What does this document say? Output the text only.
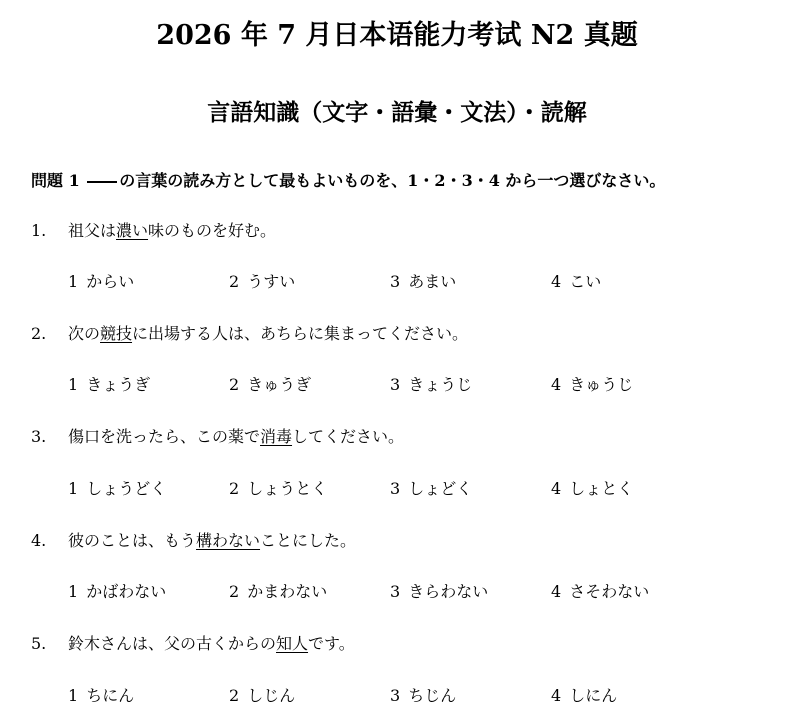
2026 年 7 月日本语能力考试 N2 真题
言語知識（文字・語彙・文法）・読解
問題 1 の言葉の読み方として最もよいものを、1・2・3・4 から一つ選びなさい。
1. 祖父は濃い味のものを好む。
1 からい	2 うすい	3 あまい	4 こい
2. 次の競技に出場する人は、あちらに集まってください。
1 きょうぎ	2 きゅうぎ	3 きょうじ	4 きゅうじ
3. 傷口を洗ったら、この薬で消毒してください。
1 しょうどく	2 しょうとく	3 しょどく	4 しょとく
4. 彼のことは、もう構わないことにした。
1 かばわない	2 かまわない	3 きらわない	4 さそわない
5. 鈴木さんは、父の古くからの知人です。
1 ちにん	2 しじん	3 ちじん	4 しにん
